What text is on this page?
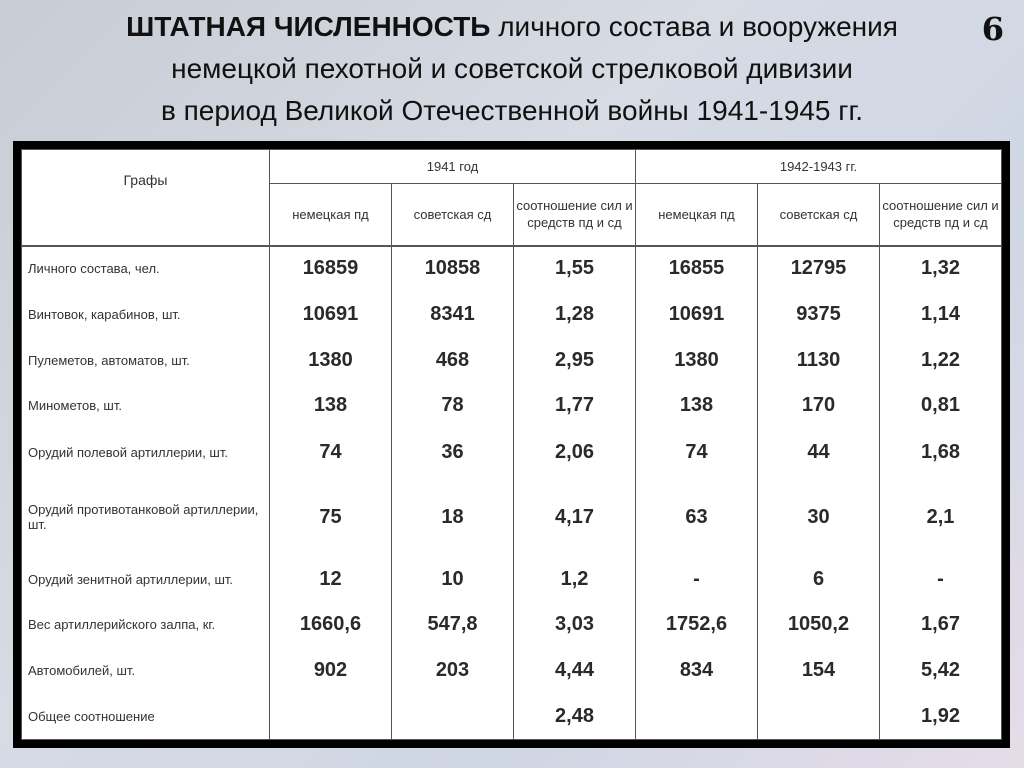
ШТАТНАЯ ЧИСЛЕННОСТЬ личного состава и вооружения
немецкой пехотной и советской стрелковой дивизии
в период Великой Отечественной войны 1941-1945 гг.
6
Графы	1941 год			1942-1943 гг.		
	немецкая пд	советская сд	соотношение сил и средств пд и сд	немецкая пд	советская сд	соотношение сил и средств пд и сд
Личного состава, чел.	16859	10858	1,55	16855	12795	1,32
Винтовок, карабинов, шт.	10691	8341	1,28	10691	9375	1,14
Пулеметов, автоматов, шт.	1380	468	2,95	1380	1130	1,22
Минометов, шт.	138	78	1,77	138	170	0,81
Орудий полевой артиллерии, шт.	74	36	2,06	74	44	1,68
Орудий противотанковой артиллерии, шт.	75	18	4,17	63	30	2,1
Орудий зенитной артиллерии, шт.	12	10	1,2	-	6	-
Вес артиллерийского залпа, кг.	1660,6	547,8	3,03	1752,6	1050,2	1,67
Автомобилей, шт.	902	203	4,44	834	154	5,42
Общее соотношение			2,48			1,92
